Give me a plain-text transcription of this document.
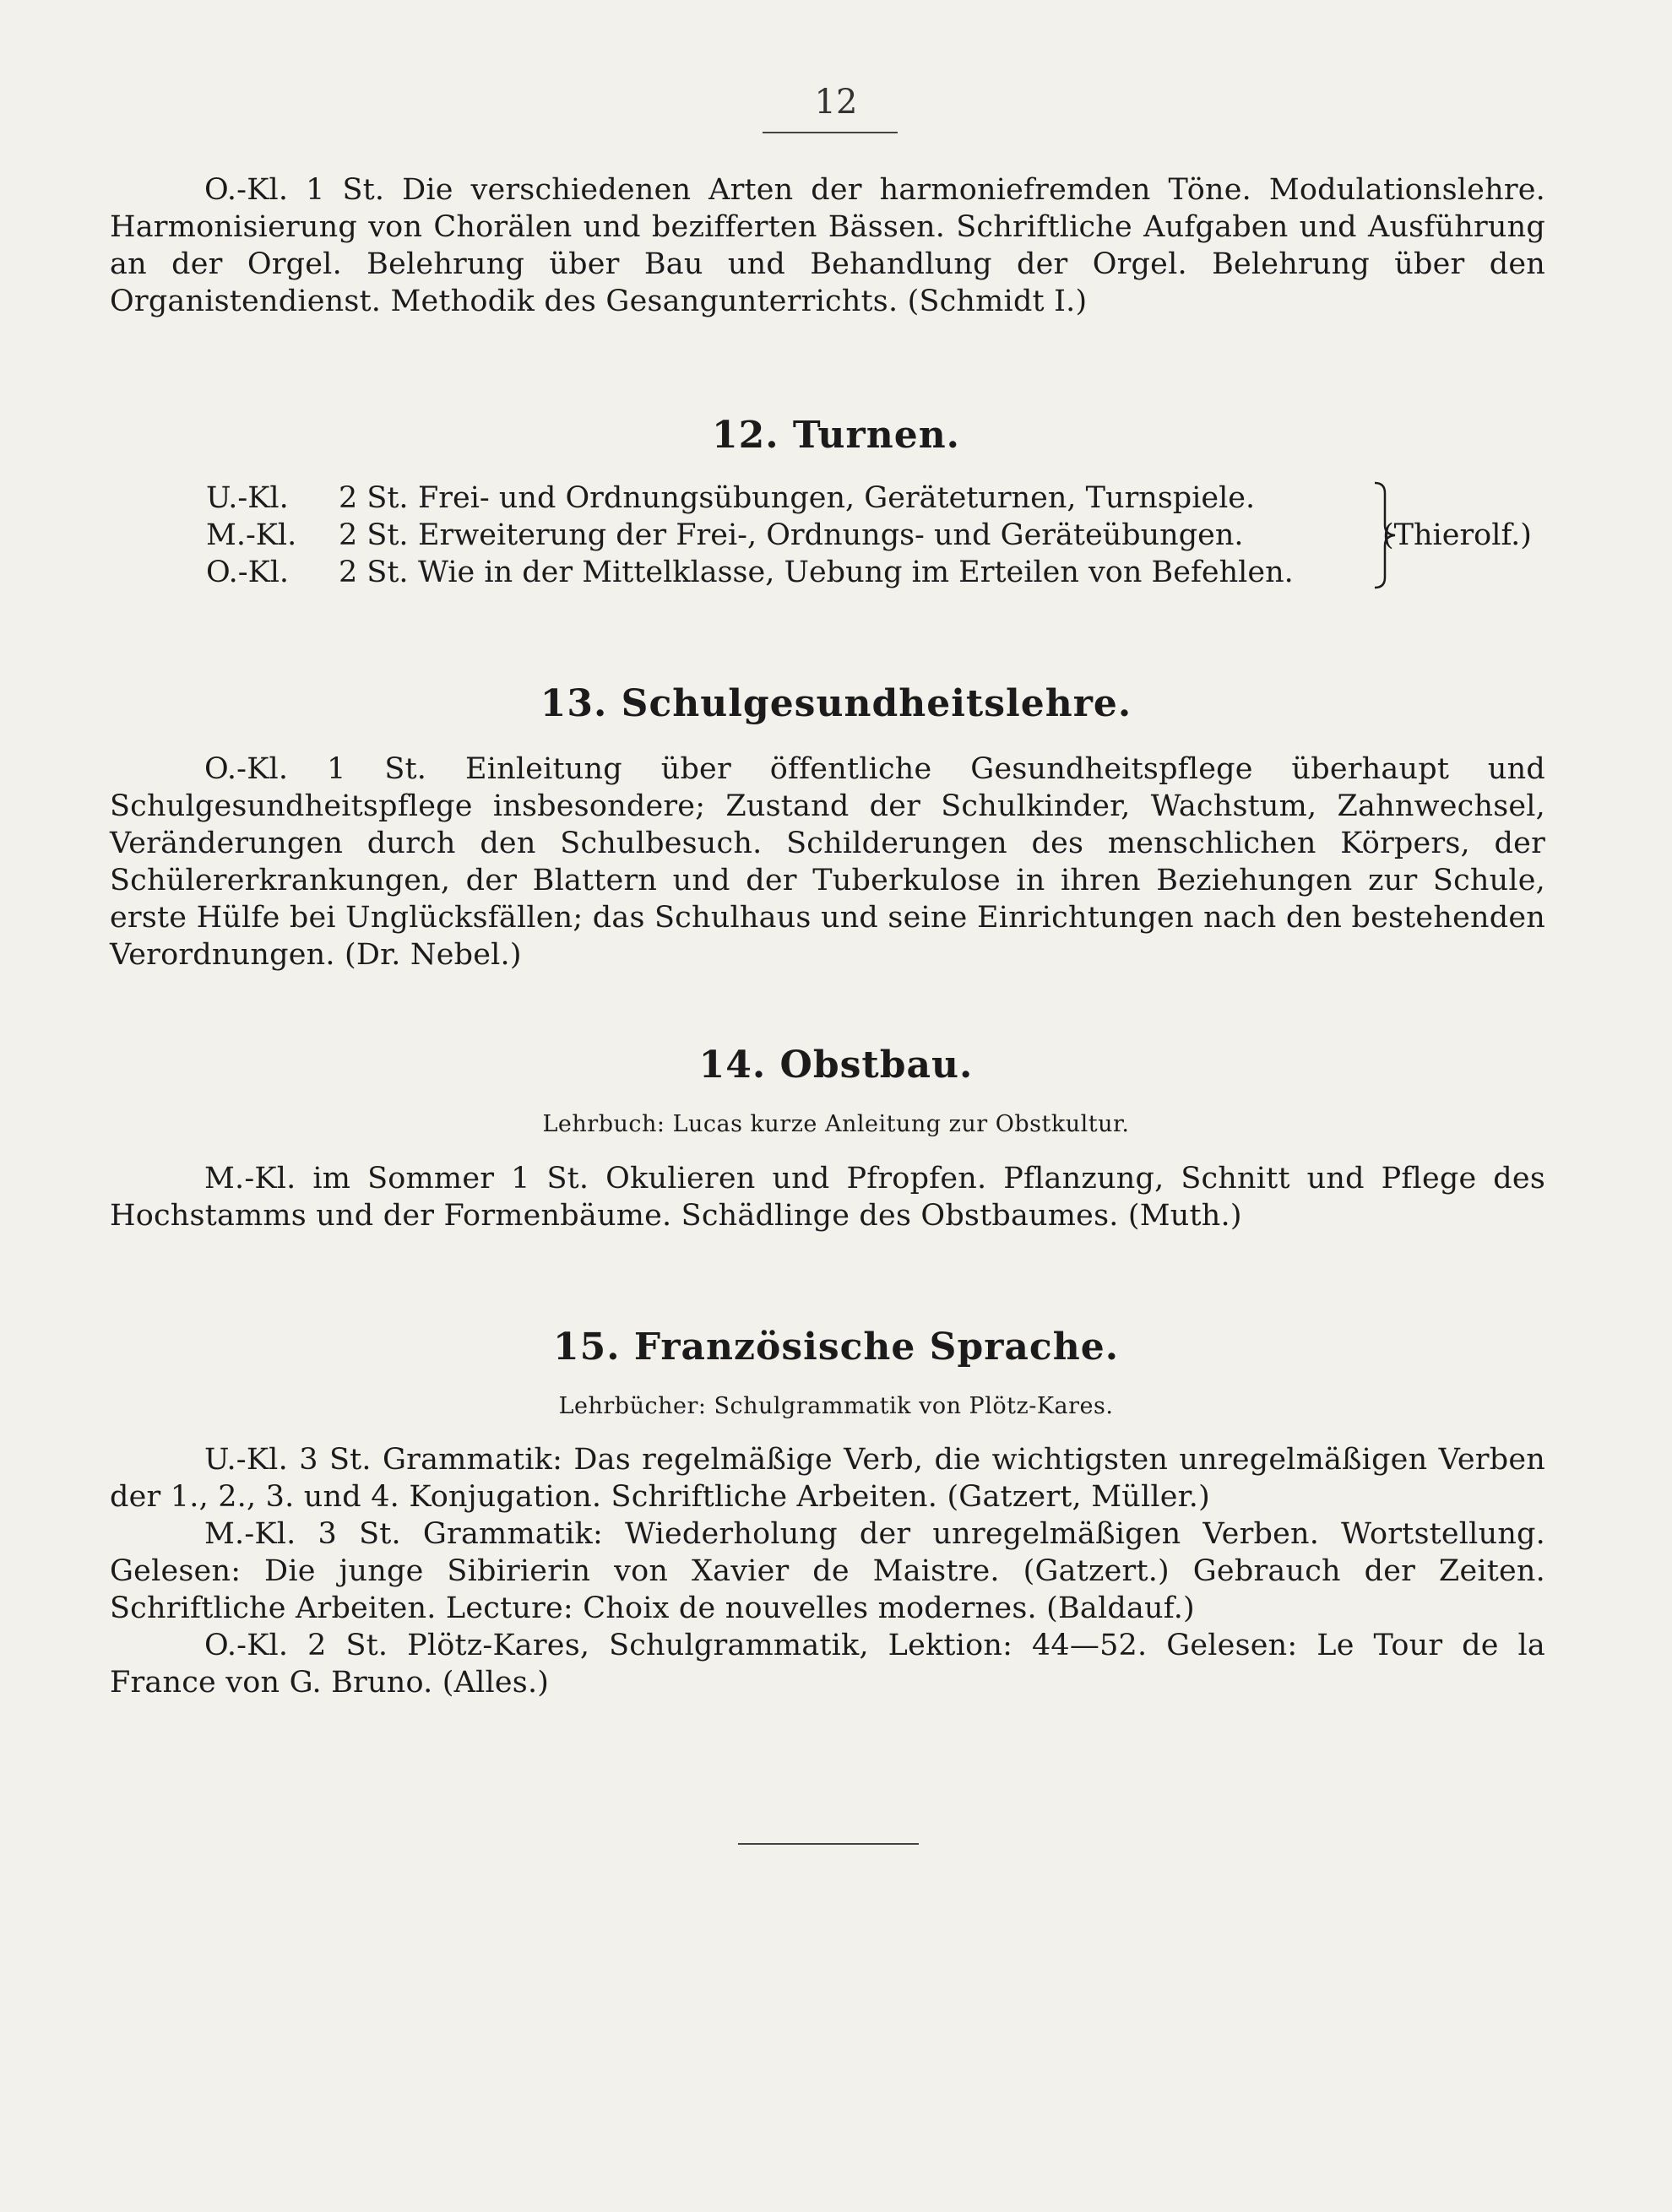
12

O.-Kl. 1 St. Die verschiedenen Arten der harmoniefremden Töne. Modulationslehre. Harmonisierung von Chorälen und bezifferten Bässen. Schriftliche Aufgaben und Ausführung an der Orgel. Belehrung über Bau und Behandlung der Orgel. Belehrung über den Organistendienst. Methodik des Gesangunterrichts. (Schmidt I.)

12. Turnen.
U.-Kl. 2 St. Frei- und Ordnungsübungen, Geräteturnen, Turnspiele.
M.-Kl. 2 St. Erweiterung der Frei-, Ordnungs- und Geräteübungen.
O.-Kl. 2 St. Wie in der Mittelklasse, Uebung im Erteilen von Befehlen.
(Thierolf.)
13. Schulgesundheitslehre.

O.-Kl. 1 St. Einleitung über öffentliche Gesundheitspflege überhaupt und Schulgesundheitspflege insbesondere; Zustand der Schulkinder, Wachstum, Zahnwechsel, Veränderungen durch den Schulbesuch. Schilderungen des menschlichen Körpers, der Schülererkrankungen, der Blattern und der Tuberkulose in ihren Beziehungen zur Schule, erste Hülfe bei Unglücksfällen; das Schulhaus und seine Einrichtungen nach den bestehenden Verordnungen. (Dr. Nebel.)

14. Obstbau.
Lehrbuch: Lucas kurze Anleitung zur Obstkultur.

M.-Kl. im Sommer 1 St. Okulieren und Pfropfen. Pflanzung, Schnitt und Pflege des Hochstamms und der Formenbäume. Schädlinge des Obstbaumes. (Muth.)

15. Französische Sprache.
Lehrbücher: Schulgrammatik von Plötz-Kares.

U.-Kl. 3 St. Grammatik: Das regelmäßige Verb, die wichtigsten unregelmäßigen Verben der 1., 2., 3. und 4. Konjugation. Schriftliche Arbeiten. (Gatzert, Müller.)

M.-Kl. 3 St. Grammatik: Wiederholung der unregelmäßigen Verben. Wortstellung. Gelesen: Die junge Sibirierin von Xavier de Maistre. (Gatzert.) Gebrauch der Zeiten. Schriftliche Arbeiten. Lecture: Choix de nouvelles modernes. (Baldauf.)

O.-Kl. 2 St. Plötz-Kares, Schulgrammatik, Lektion: 44—52. Gelesen: Le Tour de la France von G. Bruno. (Alles.)
